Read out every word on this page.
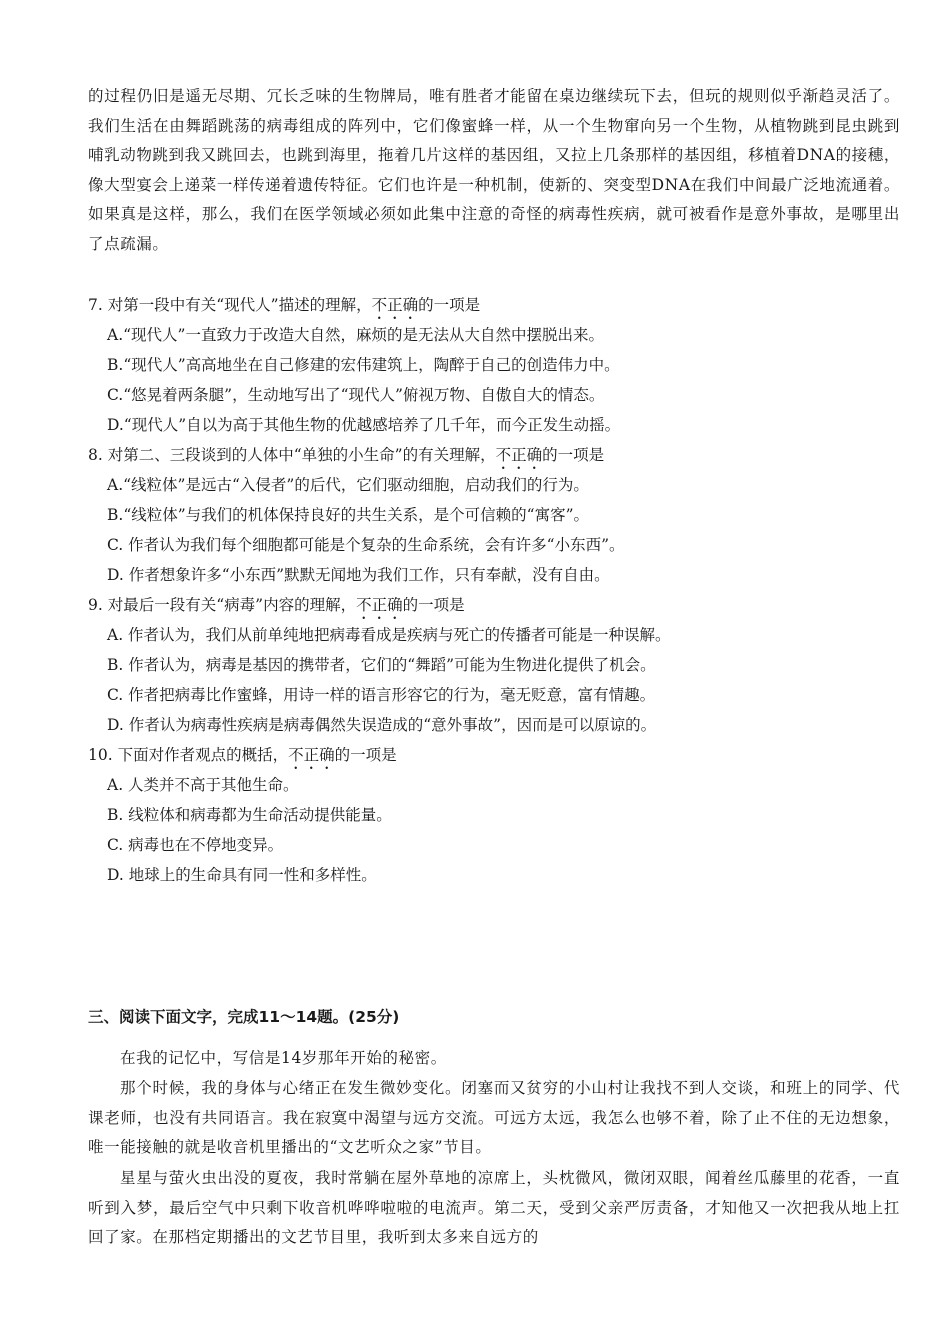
的过程仍旧是遥无尽期、冗长乏味的生物牌局，唯有胜者才能留在桌边继续玩下去，但玩的规则似乎渐趋灵活了。我们生活在由舞蹈跳荡的病毒组成的阵列中，它们像蜜蜂一样，从一个生物窜向另一个生物，从植物跳到昆虫跳到哺乳动物跳到我又跳回去，也跳到海里，拖着几片这样的基因组，又拉上几条那样的基因组，移植着DNA的接穗，像大型宴会上递菜一样传递着遗传特征。它们也许是一种机制，使新的、突变型DNA在我们中间最广泛地流通着。如果真是这样，那么，我们在医学领域必须如此集中注意的奇怪的病毒性疾病，就可被看作是意外事故，是哪里出了点疏漏。
7. 对第一段中有关“现代人”描述的理解，不正确的一项是
A.“现代人”一直致力于改造大自然，麻烦的是无法从大自然中摆脱出来。
B.“现代人”高高地坐在自己修建的宏伟建筑上，陶醉于自己的创造伟力中。
C.“悠晃着两条腿”，生动地写出了“现代人”俯视万物、自傲自大的情态。
D.“现代人”自以为高于其他生物的优越感培养了几千年，而今正发生动摇。
8. 对第二、三段谈到的人体中“单独的小生命”的有关理解，不正确的一项是
A.“线粒体”是远古“入侵者”的后代，它们驱动细胞，启动我们的行为。
B.“线粒体”与我们的机体保持良好的共生关系，是个可信赖的“寓客”。
C. 作者认为我们每个细胞都可能是个复杂的生命系统，会有许多“小东西”。
D. 作者想象许多“小东西”默默无闻地为我们工作，只有奉献，没有自由。
9. 对最后一段有关“病毒”内容的理解，不正确的一项是
A. 作者认为，我们从前单纯地把病毒看成是疾病与死亡的传播者可能是一种误解。
B. 作者认为，病毒是基因的携带者，它们的“舞蹈”可能为生物进化提供了机会。
C. 作者把病毒比作蜜蜂，用诗一样的语言形容它的行为，毫无贬意，富有情趣。
D. 作者认为病毒性疾病是病毒偶然失误造成的“意外事故”，因而是可以原谅的。
10. 下面对作者观点的概括，不正确的一项是
A. 人类并不高于其他生命。
B. 线粒体和病毒都为生命活动提供能量。
C. 病毒也在不停地变异。
D. 地球上的生命具有同一性和多样性。
三、阅读下面文字，完成11～14题。(25分)
在我的记忆中，写信是14岁那年开始的秘密。
那个时候，我的身体与心绪正在发生微妙变化。闭塞而又贫穷的小山村让我找不到人交谈，和班上的同学、代课老师，也没有共同语言。我在寂寞中渴望与远方交流。可远方太远，我怎么也够不着，除了止不住的无边想象，唯一能接触的就是收音机里播出的“文艺听众之家”节目。
星星与萤火虫出没的夏夜，我时常躺在屋外草地的凉席上，头枕微风，微闭双眼，闻着丝瓜藤里的花香，一直听到入梦，最后空气中只剩下收音机哗哗啦啦的电流声。第二天，受到父亲严厉责备，才知他又一次把我从地上扛回了家。在那档定期播出的文艺节目里，我听到太多来自远方的
